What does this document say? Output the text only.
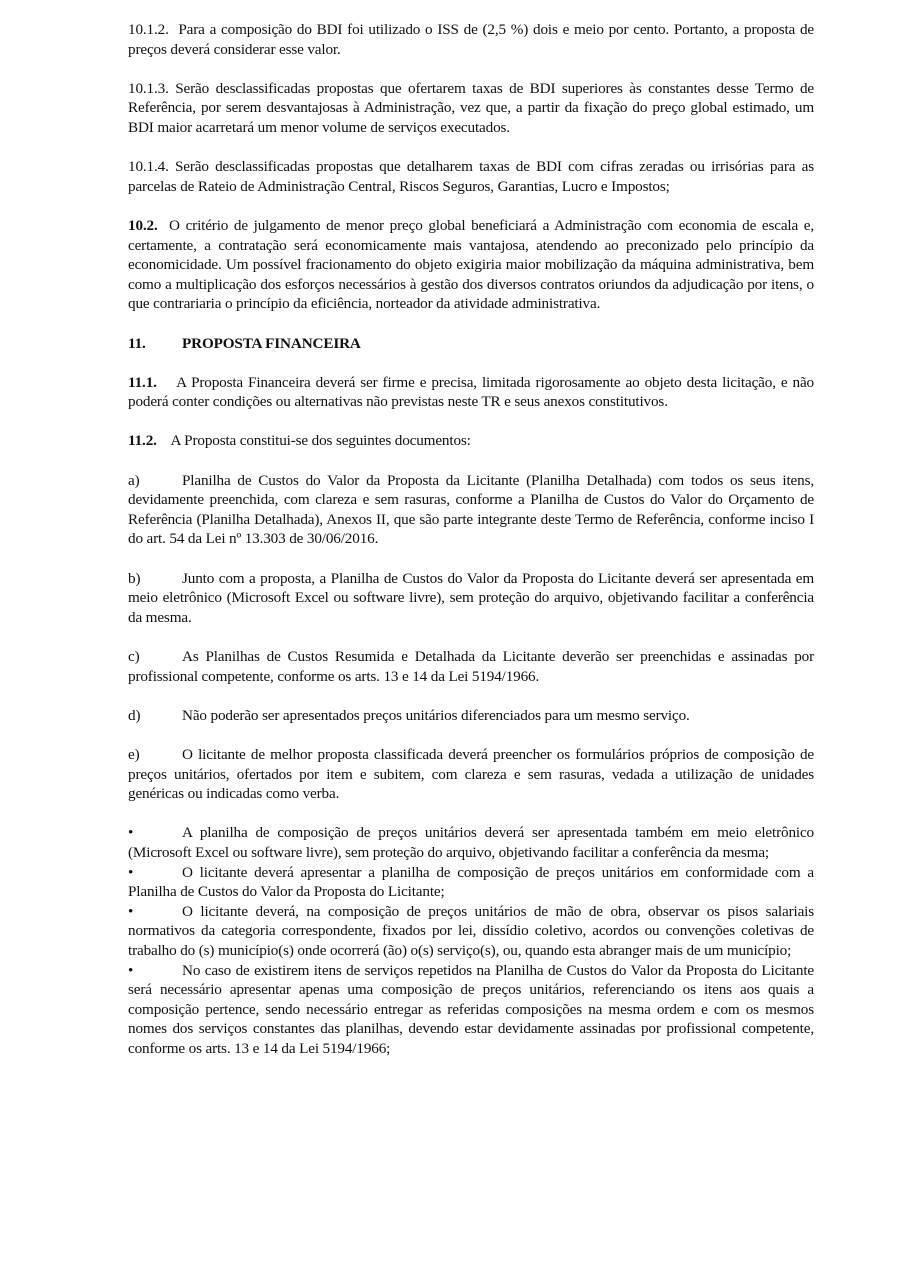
10.1.2. Para a composição do BDI foi utilizado o ISS de (2,5 %) dois e meio por cento. Portanto, a proposta de preços deverá considerar esse valor.

10.1.3. Serão desclassificadas propostas que ofertarem taxas de BDI superiores às constantes desse Termo de Referência, por serem desvantajosas à Administração, vez que, a partir da fixação do preço global estimado, um BDI maior acarretará um menor volume de serviços executados.

10.1.4. Serão desclassificadas propostas que detalharem taxas de BDI com cifras zeradas ou irrisórias para as parcelas de Rateio de Administração Central, Riscos Seguros, Garantias, Lucro e Impostos;

10.2. O critério de julgamento de menor preço global beneficiará a Administração com economia de escala e, certamente, a contratação será economicamente mais vantajosa, atendendo ao preconizado pelo princípio da economicidade. Um possível fracionamento do objeto exigiria maior mobilização da máquina administrativa, bem como a multiplicação dos esforços necessários à gestão dos diversos contratos oriundos da adjudicação por itens, o que contrariaria o princípio da eficiência, norteador da atividade administrativa.

11. PROPOSTA FINANCEIRA

11.1. A Proposta Financeira deverá ser firme e precisa, limitada rigorosamente ao objeto desta licitação, e não poderá conter condições ou alternativas não previstas neste TR e seus anexos constitutivos.

11.2. A Proposta constitui-se dos seguintes documentos:

a)	Planilha de Custos do Valor da Proposta da Licitante (Planilha Detalhada) com todos os seus itens, devidamente preenchida, com clareza e sem rasuras, conforme a Planilha de Custos do Valor do Orçamento de Referência (Planilha Detalhada), Anexos II, que são parte integrante deste Termo de Referência, conforme inciso I do art. 54 da Lei nº 13.303 de 30/06/2016.

b)	Junto com a proposta, a Planilha de Custos do Valor da Proposta do Licitante deverá ser apresentada em meio eletrônico (Microsoft Excel ou software livre), sem proteção do arquivo, objetivando facilitar a conferência da mesma.

c)	As Planilhas de Custos Resumida e Detalhada da Licitante deverão ser preenchidas e assinadas por profissional competente, conforme os arts. 13 e 14 da Lei 5194/1966.

d)	Não poderão ser apresentados preços unitários diferenciados para um mesmo serviço.

e)	O licitante de melhor proposta classificada deverá preencher os formulários próprios de composição de preços unitários, ofertados por item e subitem, com clareza e sem rasuras, vedada a utilização de unidades genéricas ou indicadas como verba.

•	A planilha de composição de preços unitários deverá ser apresentada também em meio eletrônico (Microsoft Excel ou software livre), sem proteção do arquivo, objetivando facilitar a conferência da mesma;

•	O licitante deverá apresentar a planilha de composição de preços unitários em conformidade com a Planilha de Custos do Valor da Proposta do Licitante;

•	O licitante deverá, na composição de preços unitários de mão de obra, observar os pisos salariais normativos da categoria correspondente, fixados por lei, dissídio coletivo, acordos ou convenções coletivas de trabalho do (s) município(s) onde ocorrerá (ão) o(s) serviço(s), ou, quando esta abranger mais de um município;

•	No caso de existirem itens de serviços repetidos na Planilha de Custos do Valor da Proposta do Licitante será necessário apresentar apenas uma composição de preços unitários, referenciando os itens aos quais a composição pertence, sendo necessário entregar as referidas composições na mesma ordem e com os mesmos nomes dos serviços constantes das planilhas, devendo estar devidamente assinadas por profissional competente, conforme os arts. 13 e 14 da Lei 5194/1966;
